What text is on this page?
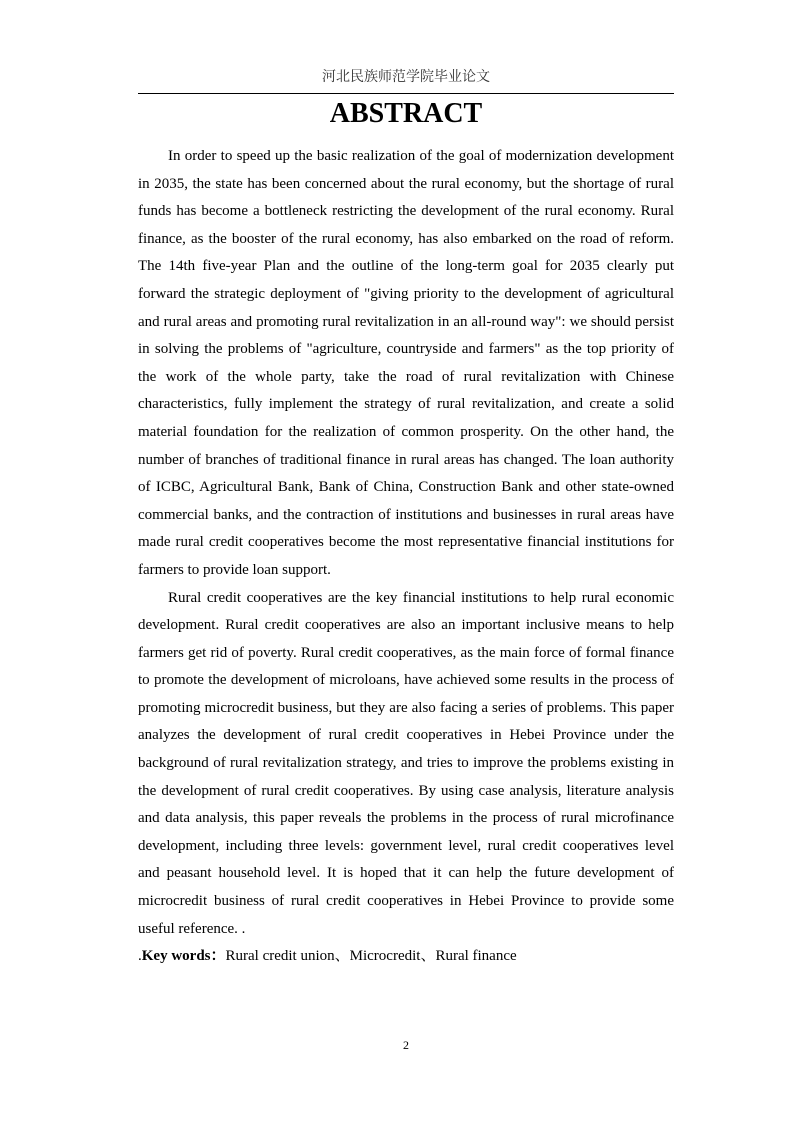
河北民族师范学院毕业论文
ABSTRACT

In order to speed up the basic realization of the goal of modernization development in 2035, the state has been concerned about the rural economy, but the shortage of rural funds has become a bottleneck restricting the development of the rural economy. Rural finance, as the booster of the rural economy, has also embarked on the road of reform. The 14th five-year Plan and the outline of the long-term goal for 2035 clearly put forward the strategic deployment of "giving priority to the development of agricultural and rural areas and promoting rural revitalization in an all-round way": we should persist in solving the problems of "agriculture, countryside and farmers" as the top priority of the work of the whole party, take the road of rural revitalization with Chinese characteristics, fully implement the strategy of rural revitalization, and create a solid material foundation for the realization of common prosperity. On the other hand, the number of branches of traditional finance in rural areas has changed. The loan authority of ICBC, Agricultural Bank, Bank of China, Construction Bank and other state-owned commercial banks, and the contraction of institutions and businesses in rural areas have made rural credit cooperatives become the most representative financial institutions for farmers to provide loan support.

Rural credit cooperatives are the key financial institutions to help rural economic development. Rural credit cooperatives are also an important inclusive means to help farmers get rid of poverty. Rural credit cooperatives, as the main force of formal finance to promote the development of microloans, have achieved some results in the process of promoting microcredit business, but they are also facing a series of problems. This paper analyzes the development of rural credit cooperatives in Hebei Province under the background of rural revitalization strategy, and tries to improve the problems existing in the development of rural credit cooperatives. By using case analysis, literature analysis and data analysis, this paper reveals the problems in the process of rural microfinance development, including three levels: government level, rural credit cooperatives level and peasant household level. It is hoped that it can help the future development of microcredit business of rural credit cooperatives in Hebei Province to provide some useful reference. .

.Key words：Rural credit union、Microcredit、Rural finance

2
